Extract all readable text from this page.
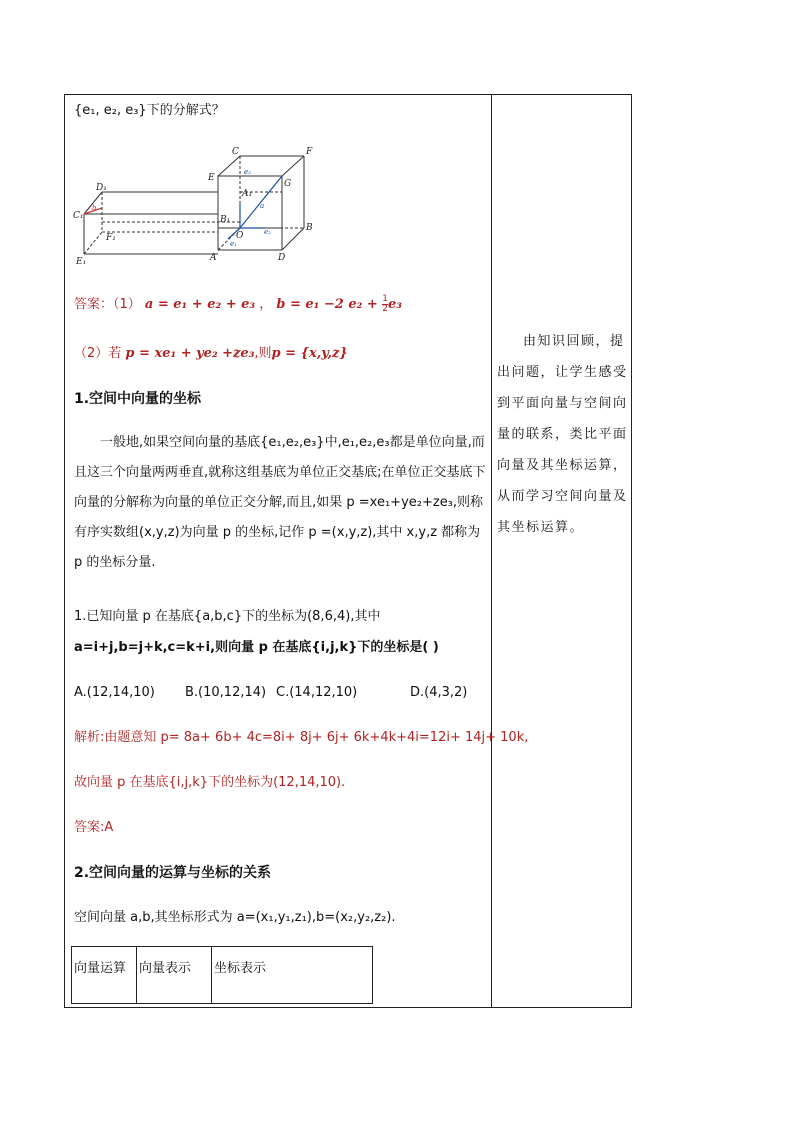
{e₁, e₂, e₃}下的分解式？
C	F
E
G
A₁
D₁
C₁	B₁
F₁	O
B
E₁	A	D
e₃
e₂
e₁
a
b
答案：（1） a = e₁ + e₂ + e₃ ， b = e₁ −2 $e_2 + \frac{1}{2} e_3$
（2）若 p = xe₁ + ye₂ +ze₃,则p = {x,y,z}
1.空间中向量的坐标
一般地,如果空间向量的基底{e₁,e₂,e₃}中,e₁,e₂,e₃都是单位向量,而且这三个向量两两垂直,就称这组基底为单位正交基底;在单位正交基底下向量的分解称为向量的单位正交分解,而且,如果 p =xe₁+ye₂+ze₃,则称有序实数组(x,y,z)为向量 p 的坐标,记作 p =(x,y,z),其中 x,y,z 都称为 p 的坐标分量.
1.已知向量 p 在基底{a,b,c}下的坐标为(8,6,4),其中
a=i+j,b=j+k,c=k+i,则向量 p 在基底{i,j,k}下的坐标是( )
A.(12,14,10) B.(10,12,14) C.(14,12,10)	D.(4,3,2)
解析:由题意知 p= 8a+ 6b+ 4c=8i+ 8j+ 6j+ 6k+4k+4i=12i+ 14j+ 10k,
故向量 p 在基底{i,j,k}下的坐标为(12,14,10).
答案:A
2.空间向量的运算与坐标的关系
空间向量 a,b,其坐标形式为 a=(x₁,y₁,z₁),b=(x₂,y₂,z₂).
向量运算	向量表示	坐标表示
由知识回顾，提出问题，让学生感受到平面向量与空间向量的联系，类比平面向量及其坐标运算，从而学习空间向量及其坐标运算。
